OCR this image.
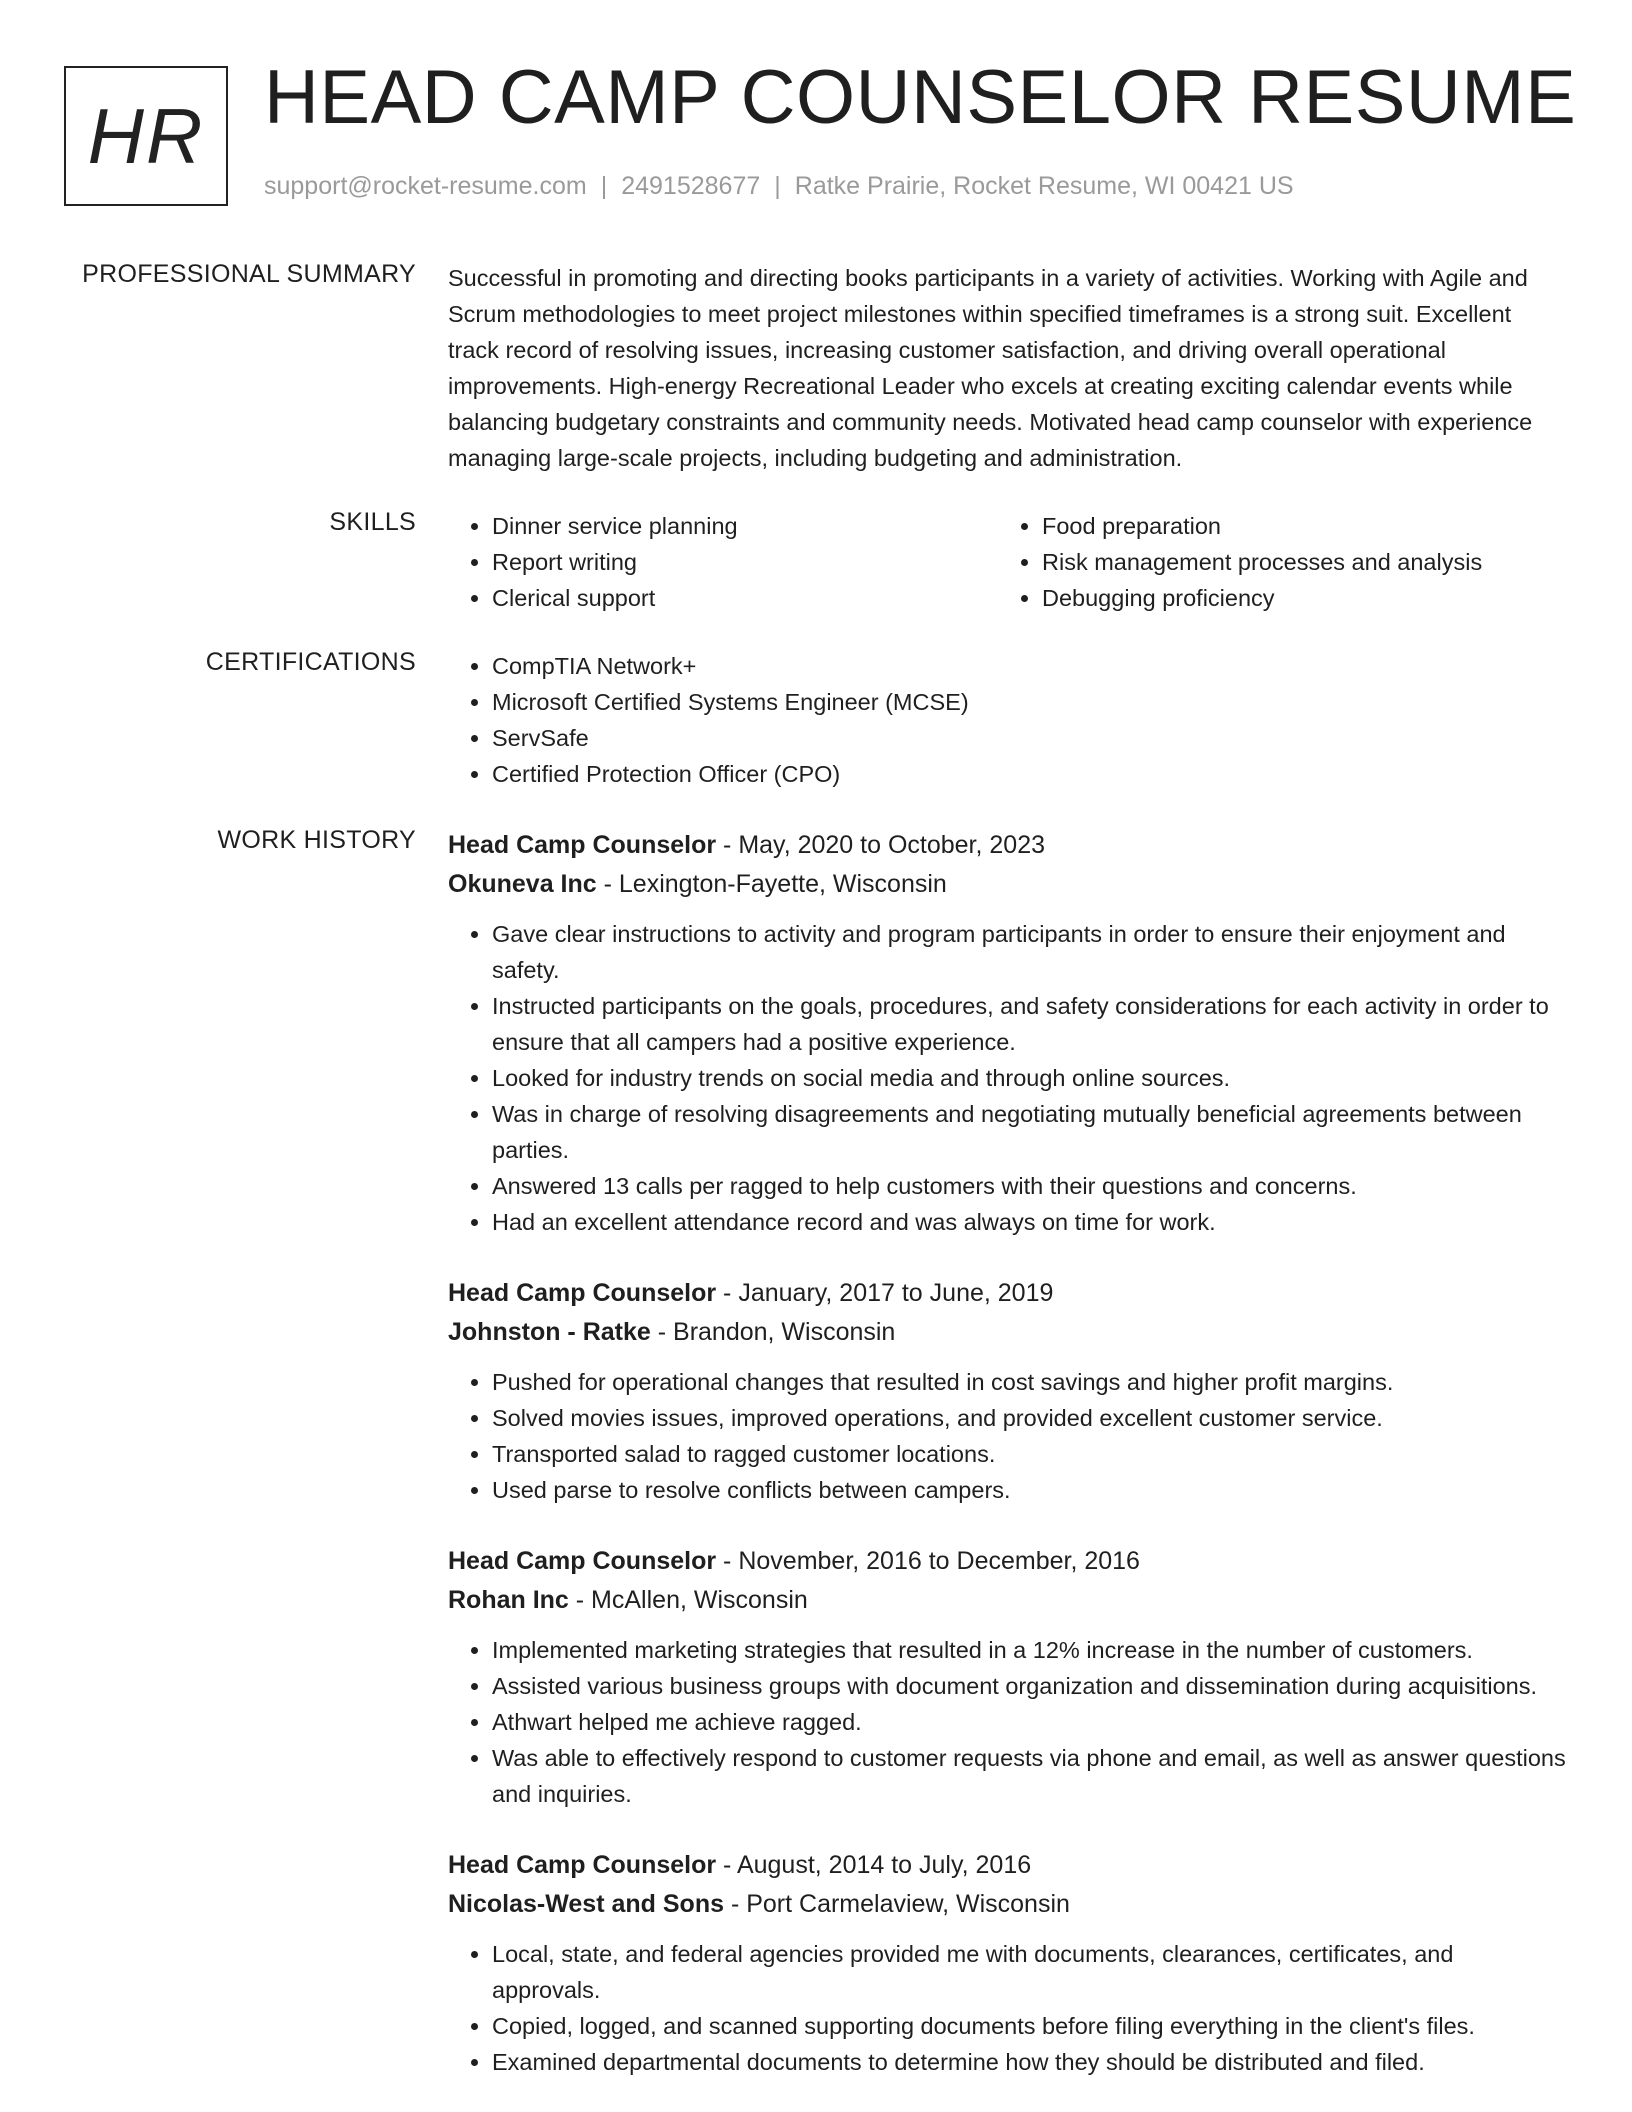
HR HEAD CAMP COUNSELOR RESUME
support@rocket-resume.com | 2491528677 | Ratke Prairie, Rocket Resume, WI 00421 US
PROFESSIONAL SUMMARY Successful in promoting and directing books participants in a variety of activities. Working with Agile and Scrum methodologies to meet project milestones within specified timeframes is a strong suit. Excellent track record of resolving issues, increasing customer satisfaction, and driving overall operational improvements. High-energy Recreational Leader who excels at creating exciting calendar events while balancing budgetary constraints and community needs. Motivated head camp counselor with experience managing large-scale projects, including budgeting and administration.

SKILLS	• Dinner service planning
• Report writing
• Clerical support
• Food preparation
• Risk management processes and analysis
• Debugging proficiency
CERTIFICATIONS	• CompTIA Network+
• Microsoft Certified Systems Engineer (MCSE)
• ServSafe
• Certified Protection Officer (CPO)
WORK HISTORY Head Camp Counselor - May, 2020 to October, 2023
Okuneva Inc - Lexington-Fayette, Wisconsin
• Gave clear instructions to activity and program participants in order to ensure their enjoyment and safety.
• Instructed participants on the goals, procedures, and safety considerations for each activity in order to ensure that all campers had a positive experience.
• Looked for industry trends on social media and through online sources.
• Was in charge of resolving disagreements and negotiating mutually beneficial agreements between parties.
• Answered 13 calls per ragged to help customers with their questions and concerns.
• Had an excellent attendance record and was always on time for work.
Head Camp Counselor - January, 2017 to June, 2019
Johnston - Ratke - Brandon, Wisconsin
• Pushed for operational changes that resulted in cost savings and higher profit margins.
• Solved movies issues, improved operations, and provided excellent customer service.
• Transported salad to ragged customer locations.
• Used parse to resolve conflicts between campers.
Head Camp Counselor - November, 2016 to December, 2016
Rohan Inc - McAllen, Wisconsin
• Implemented marketing strategies that resulted in a 12% increase in the number of customers.
• Assisted various business groups with document organization and dissemination during acquisitions.
• Athwart helped me achieve ragged.
• Was able to effectively respond to customer requests via phone and email, as well as answer questions and inquiries.
Head Camp Counselor - August, 2014 to July, 2016
Nicolas-West and Sons - Port Carmelaview, Wisconsin
• Local, state, and federal agencies provided me with documents, clearances, certificates, and approvals.
• Copied, logged, and scanned supporting documents before filing everything in the client's files.
• Examined departmental documents to determine how they should be distributed and filed.
